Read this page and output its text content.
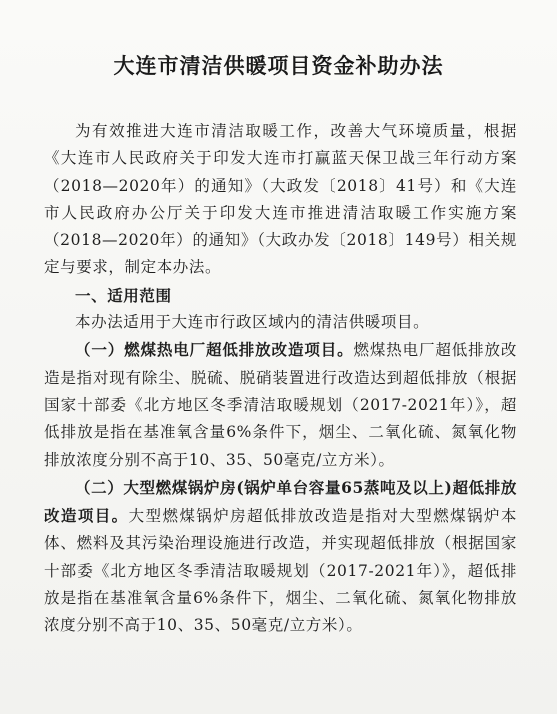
大连市清洁供暖项目资金补助办法

为有效推进大连市清洁取暖工作，改善大气环境质量，根据《大连市人民政府关于印发大连市打赢蓝天保卫战三年行动方案（2018—2020年）的通知》（大政发〔2018〕41号）和《大连市人民政府办公厅关于印发大连市推进清洁取暖工作实施方案（2018—2020年）的通知》（大政办发〔2018〕149号）相关规定与要求，制定本办法。

一、适用范围

本办法适用于大连市行政区域内的清洁供暖项目。

（一）燃煤热电厂超低排放改造项目。燃煤热电厂超低排放改造是指对现有除尘、脱硫、脱硝装置进行改造达到超低排放（根据国家十部委《北方地区冬季清洁取暖规划（2017-2021年）》，超低排放是指在基准氧含量6%条件下，烟尘、二氧化硫、氮氧化物排放浓度分别不高于10、35、50毫克/立方米）。

（二）大型燃煤锅炉房(锅炉单台容量65蒸吨及以上)超低排放改造项目。大型燃煤锅炉房超低排放改造是指对大型燃煤锅炉本体、燃料及其污染治理设施进行改造，并实现超低排放（根据国家十部委《北方地区冬季清洁取暖规划（2017-2021年）》，超低排放是指在基准氧含量6%条件下，烟尘、二氧化硫、氮氧化物排放浓度分别不高于10、35、50毫克/立方米）。
